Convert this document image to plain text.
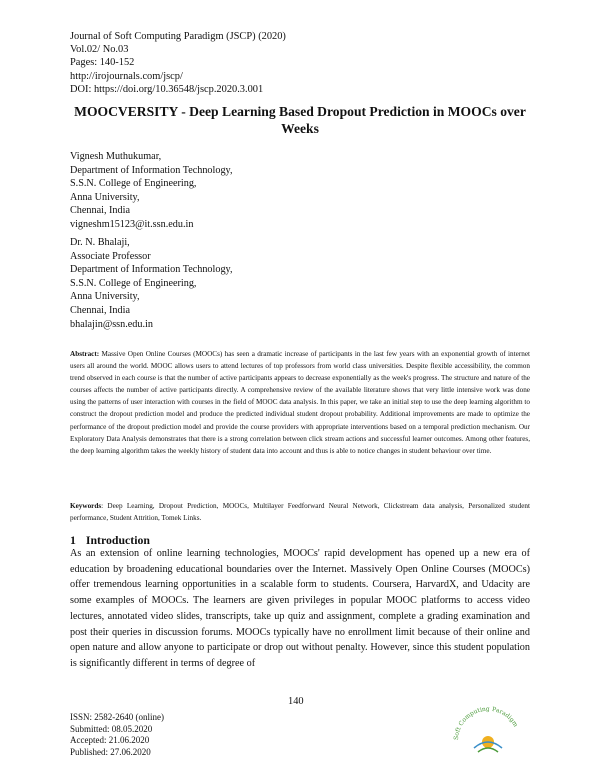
Journal of Soft Computing Paradigm (JSCP) (2020)
Vol.02/ No.03
Pages: 140-152
http://irojournals.com/jscp/
DOI: https://doi.org/10.36548/jscp.2020.3.001
MOOCVERSITY - Deep Learning Based Dropout Prediction in MOOCs over Weeks
Vignesh Muthukumar,
Department of Information Technology,
S.S.N. College of Engineering,
Anna University,
Chennai, India
vigneshm15123@it.ssn.edu.in
Dr. N. Bhalaji,
Associate Professor
Department of Information Technology,
S.S.N. College of Engineering,
Anna University,
Chennai, India
bhalajin@ssn.edu.in
Abstract: Massive Open Online Courses (MOOCs) has seen a dramatic increase of participants in the last few years with an exponential growth of internet users all around the world. MOOC allows users to attend lectures of top professors from world class universities. Despite flexible accessibility, the common trend observed in each course is that the number of active participants appears to decrease exponentially as the week's progress. The structure and nature of the courses affects the number of active participants directly. A comprehensive review of the available literature shows that very little intensive work was done using the patterns of user interaction with courses in the field of MOOC data analysis. In this paper, we take an initial step to use the deep learning algorithm to construct the dropout prediction model and produce the predicted individual student dropout probability. Additional improvements are made to optimize the performance of the dropout prediction model and provide the course providers with appropriate interventions based on a temporal prediction mechanism. Our Exploratory Data Analysis demonstrates that there is a strong correlation between click stream actions and successful learner outcomes. Among other features, the deep learning algorithm takes the weekly history of student data into account and thus is able to notice changes in student behaviour over time.
Keywords: Deep Learning, Dropout Prediction, MOOCs, Multilayer Feedforward Neural Network, Clickstream data analysis, Personalized student performance, Student Attrition, Tomek Links.
1 Introduction
As an extension of online learning technologies, MOOCs' rapid development has opened up a new era of education by broadening educational boundaries over the Internet. Massively Open Online Courses (MOOCs) offer tremendous learning opportunities in a scalable form to students. Coursera, HarvardX, and Udacity are some examples of MOOCs. The learners are given privileges in popular MOOC platforms to access video lectures, annotated video slides, transcripts, take up quiz and assignment, complete a grading examination and post their queries in discussion forums. MOOCs typically have no enrollment limit because of their online and open nature and allow anyone to participate or drop out without penalty. However, since this student population is significantly different in terms of degree of
140
ISSN: 2582-2640 (online)
Submitted: 08.05.2020
Accepted: 21.06.2020
Published: 27.06.2020
Soft Computing Paradigm
